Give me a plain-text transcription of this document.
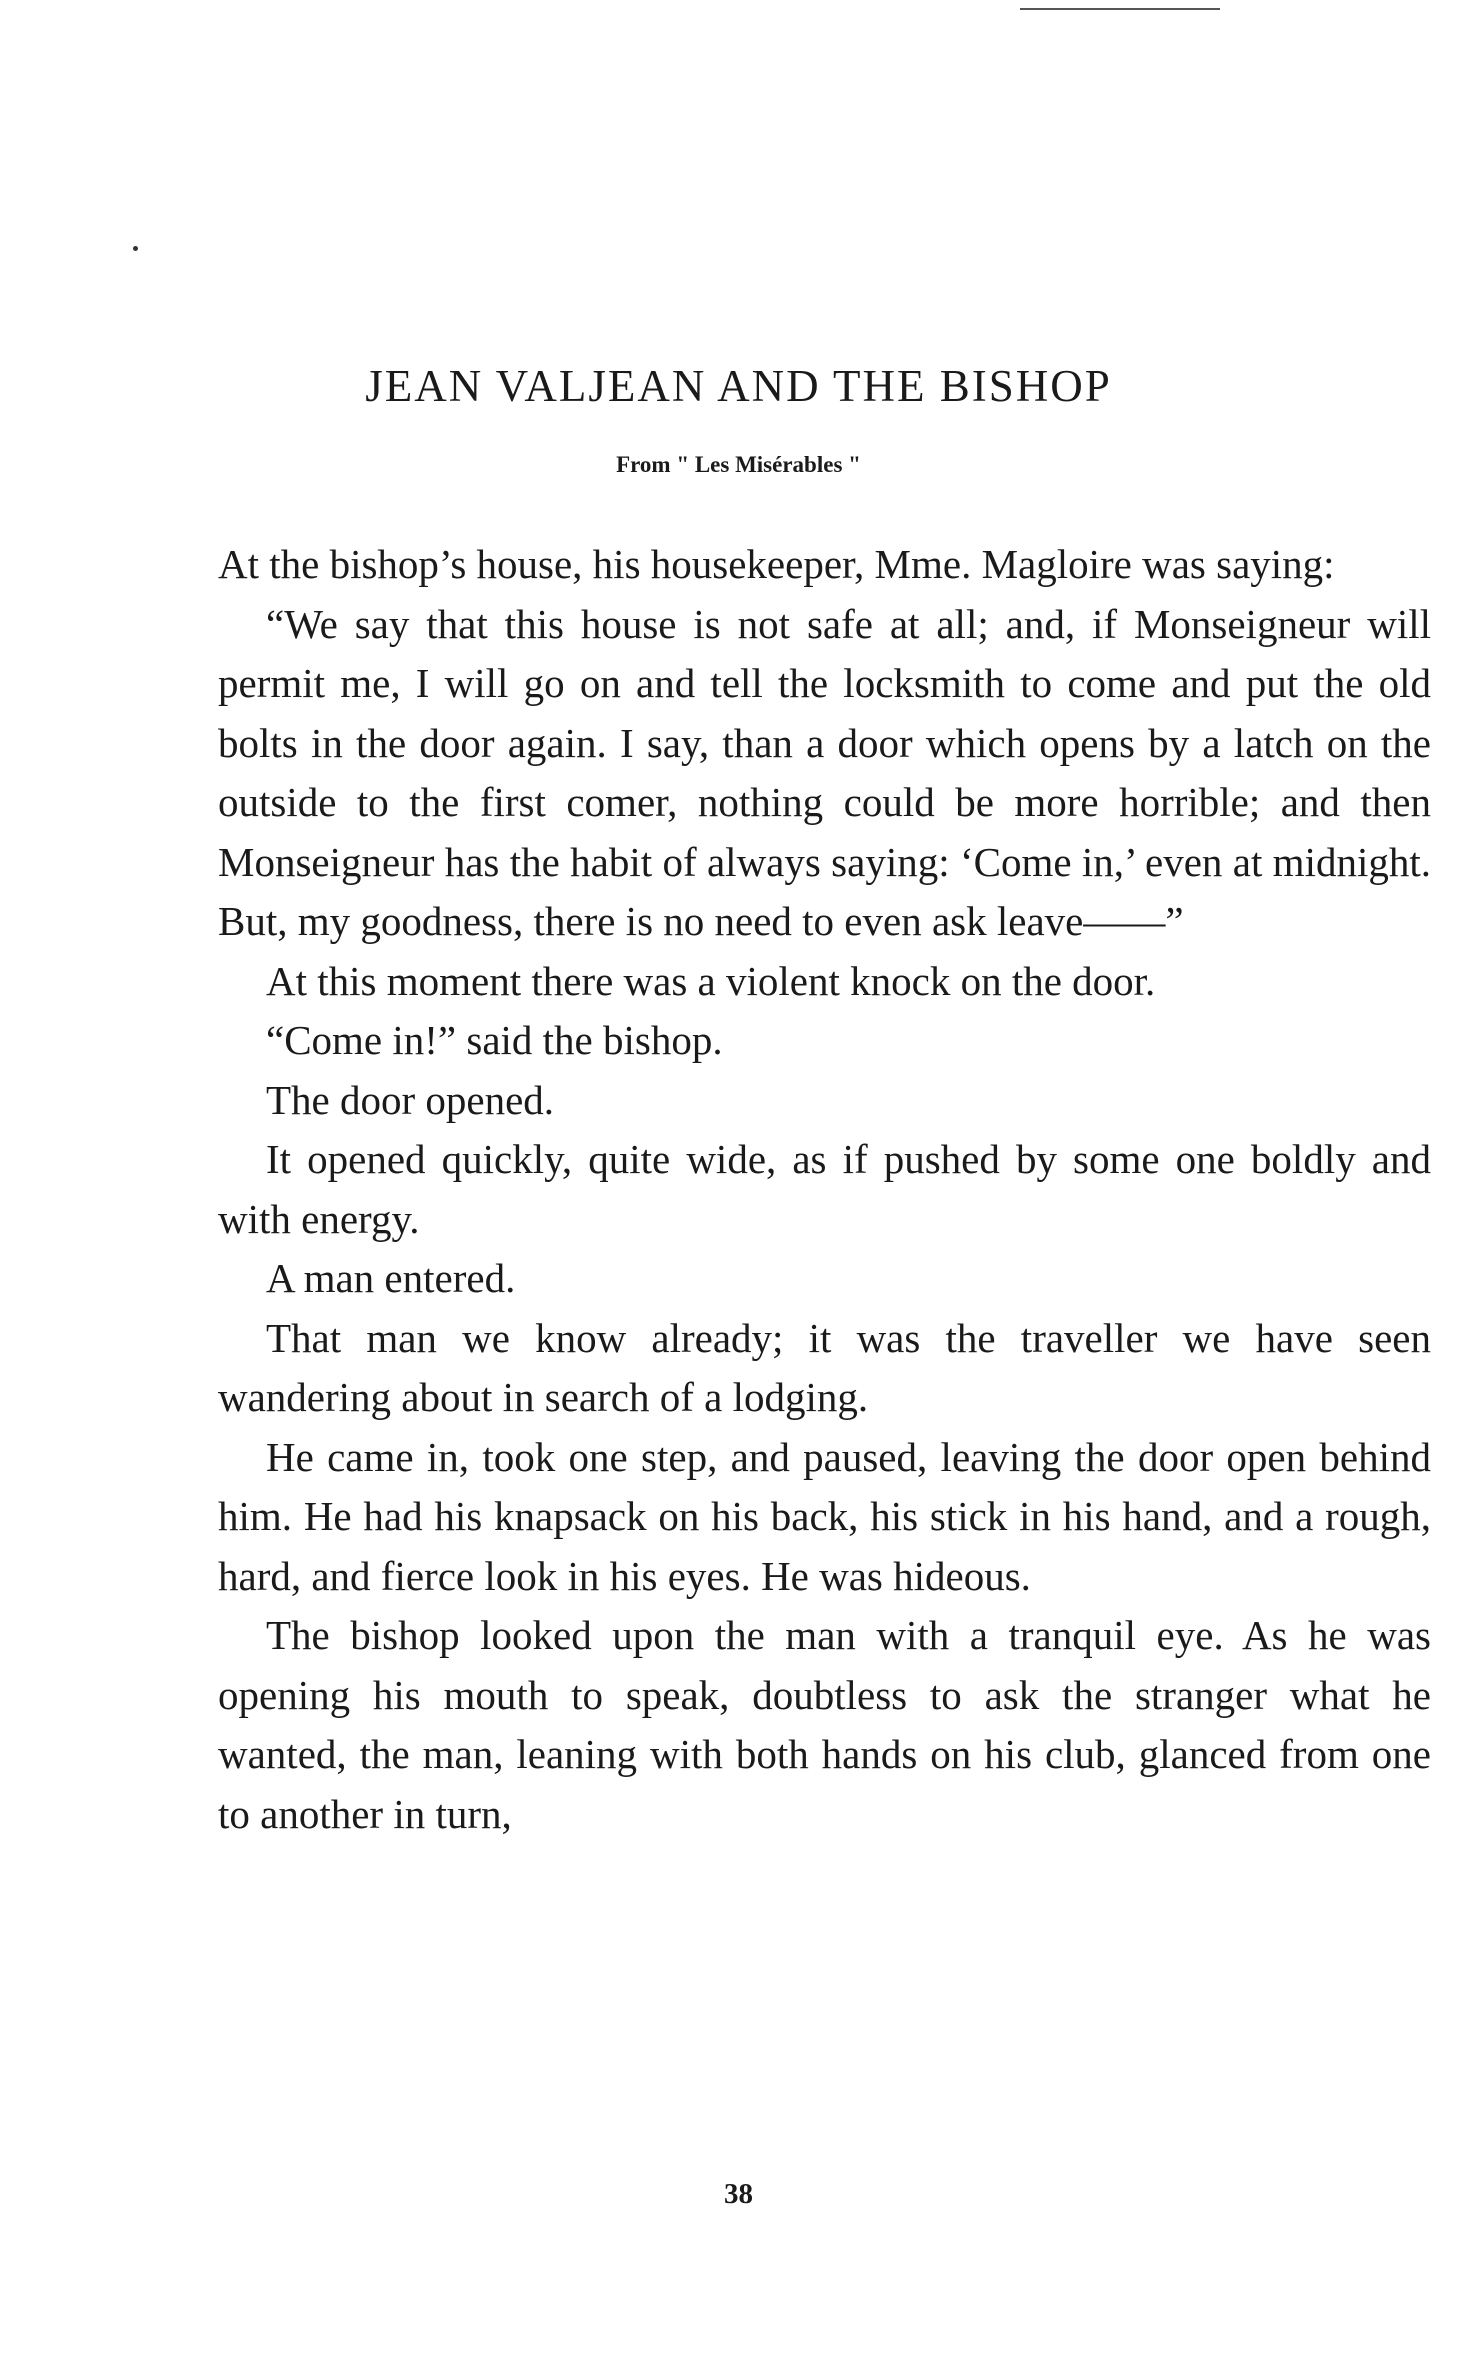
JEAN VALJEAN AND THE BISHOP
From " Les Misérables "

At the bishop’s house, his housekeeper, Mme. Magloire was saying:

“We say that this house is not safe at all; and, if Monseigneur will permit me, I will go on and tell the locksmith to come and put the old bolts in the door again. I say, than a door which opens by a latch on the outside to the first comer, nothing could be more horrible; and then Monseigneur has the habit of always saying: ‘Come in,’ even at midnight. But, my goodness, there is no need to even ask leave——”

At this moment there was a violent knock on the door.

“Come in!” said the bishop.

The door opened.

It opened quickly, quite wide, as if pushed by some one boldly and with energy.

A man entered.

That man we know already; it was the traveller we have seen wandering about in search of a lodging.

He came in, took one step, and paused, leaving the door open behind him. He had his knapsack on his back, his stick in his hand, and a rough, hard, and fierce look in his eyes. He was hideous.

The bishop looked upon the man with a tranquil eye. As he was opening his mouth to speak, doubtless to ask the stranger what he wanted, the man, leaning with both hands on his club, glanced from one to another in turn,

38
